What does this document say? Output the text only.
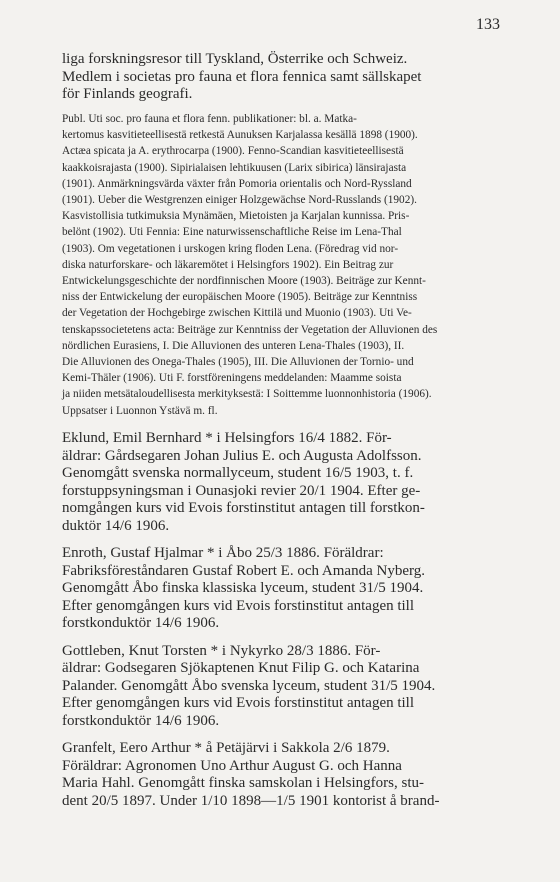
133
liga forskningsresor till Tyskland, Österrike och Schweiz.
Medlem i societas pro fauna et flora fennica samt sällskapet
för Finlands geografi.
Publ. Uti soc. pro fauna et flora fenn. publikationer: bl. a. Matka-
kertomus kasvitieteellisestä retkestä Aunuksen Karjalassa kesällä 1898 (1900).
Actæa spicata ja A. erythrocarpa (1900). Fenno-Scandian kasvitieteellisestä
kaakkoisrajasta (1900). Sipirialaisen lehtikuusen (Larix sibirica) länsirajasta
(1901). Anmärkningsvärda växter från Pomoria orientalis och Nord-Ryssland
(1901). Ueber die Westgrenzen einiger Holzgewächse Nord-Russlands (1902).
Kasvistollisia tutkimuksia Mynämäen, Mietoisten ja Karjalan kunnissa. Pris-
belönt (1902). Uti Fennia: Eine naturwissenschaftliche Reise im Lena-Thal
(1903). Om vegetationen i urskogen kring floden Lena. (Föredrag vid nor-
diska naturforskare- och läkaremötet i Helsingfors 1902). Ein Beitrag zur
Entwickelungsgeschichte der nordfinnischen Moore (1903). Beiträge zur Kennt-
niss der Entwickelung der europäischen Moore (1905). Beiträge zur Kenntniss
der Vegetation der Hochgebirge zwischen Kittilä und Muonio (1903). Uti Ve-
tenskapssocietetens acta: Beiträge zur Kenntniss der Vegetation der Alluvionen des
nördlichen Eurasiens, I. Die Alluvionen des unteren Lena-Thales (1903), II.
Die Alluvionen des Onega-Thales (1905), III. Die Alluvionen der Tornio- und
Kemi-Thäler (1906). Uti F. forstföreningens meddelanden: Maamme soista
ja niiden metsätaloudellisesta merkityksestä: I Soittemme luonnonhistoria (1906).
Uppsatser i Luonnon Ystävä m. fl.
Eklund, Emil Bernhard * i Helsingfors 16/4 1882. För-
äldrar: Gårdsegaren Johan Julius E. och Augusta Adolfsson.
Genomgått svenska normallyceum, student 16/5 1903, t. f.
forstuppsyningsman i Ounasjoki revier 20/1 1904. Efter ge-
nomgången kurs vid Evois forstinstitut antagen till forstkon-
duktör 14/6 1906.
Enroth, Gustaf Hjalmar * i Åbo 25/3 1886. Föräldrar:
Fabriksföreståndaren Gustaf Robert E. och Amanda Nyberg.
Genomgått Åbo finska klassiska lyceum, student 31/5 1904.
Efter genomgången kurs vid Evois forstinstitut antagen till
forstkonduktör 14/6 1906.
Gottleben, Knut Torsten * i Nykyrko 28/3 1886. För-
äldrar: Godsegaren Sjökaptenen Knut Filip G. och Katarina
Palander. Genomgått Åbo svenska lyceum, student 31/5 1904.
Efter genomgången kurs vid Evois forstinstitut antagen till
forstkonduktör 14/6 1906.
Granfelt, Eero Arthur * å Petäjärvi i Sakkola 2/6 1879.
Föräldrar: Agronomen Uno Arthur August G. och Hanna
Maria Hahl. Genomgått finska samskolan i Helsingfors, stu-
dent 20/5 1897. Under 1/10 1898—1/5 1901 kontorist å brand-
